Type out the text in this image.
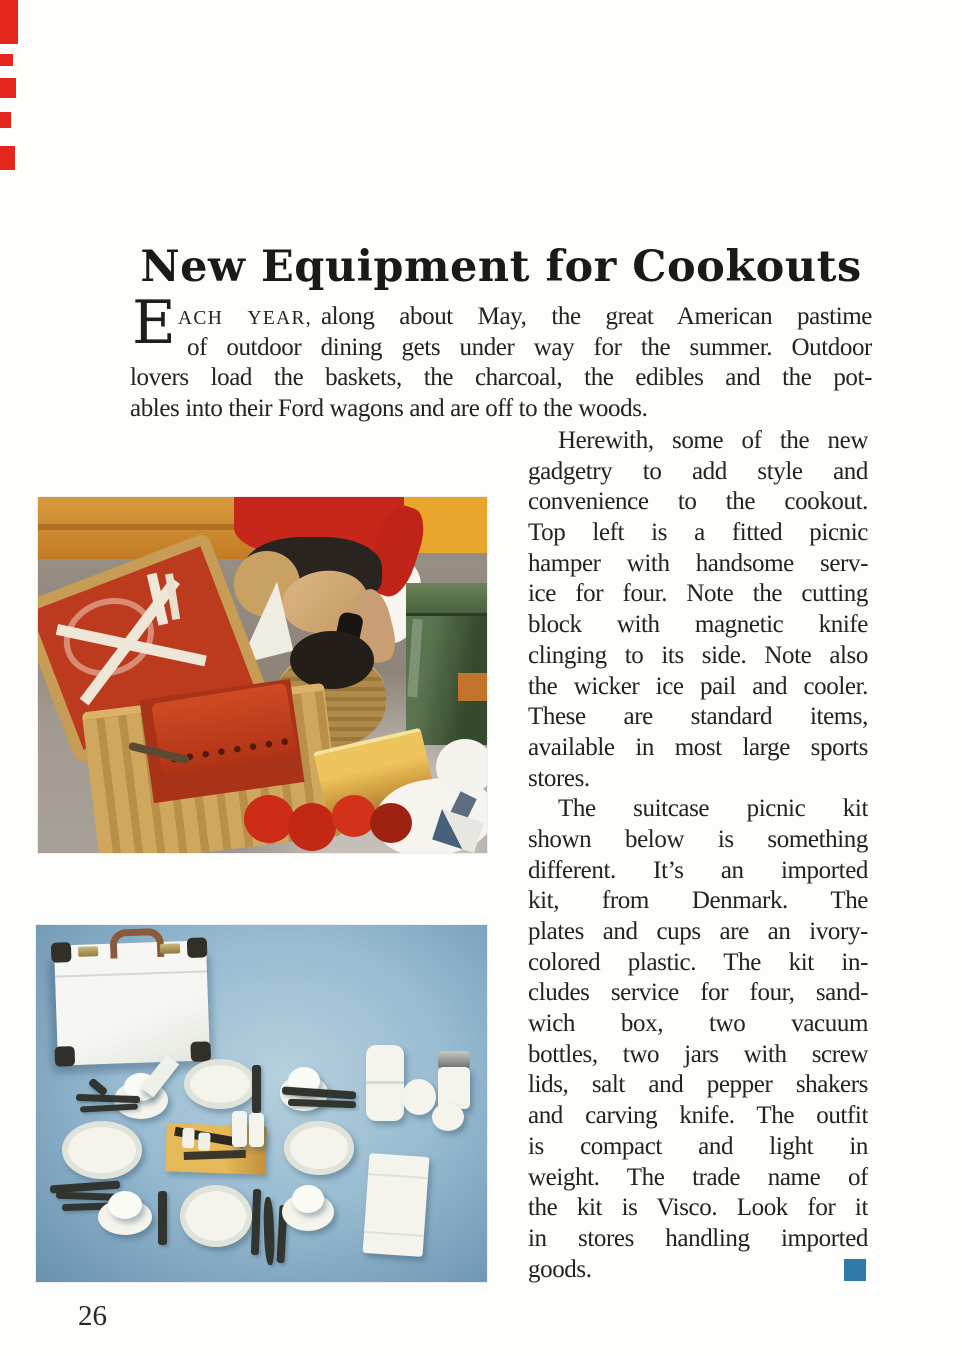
New Equipment for Cookouts
E ACH YEAR, along about May, the great American pastime
of outdoor dining gets under way for the summer. Outdoor
lovers load the baskets, the charcoal, the edibles and the pot-
ables into their Ford wagons and are off to the woods.
Herewith, some of the new
gadgetry to add style and
convenience to the cookout.
Top left is a fitted picnic
hamper with handsome serv-
ice for four. Note the cutting
block with magnetic knife
clinging to its side. Note also
the wicker ice pail and cooler.
These are standard items,
available in most large sports
stores.
The suitcase picnic kit
shown below is something
different. It’s an imported
kit, from Denmark. The
plates and cups are an ivory-
colored plastic. The kit in-
cludes service for four, sand-
wich box, two vacuum
bottles, two jars with screw
lids, salt and pepper shakers
and carving knife. The outfit
is compact and light in
weight. The trade name of
the kit is Visco. Look for it
in stores handling imported
goods.
26
